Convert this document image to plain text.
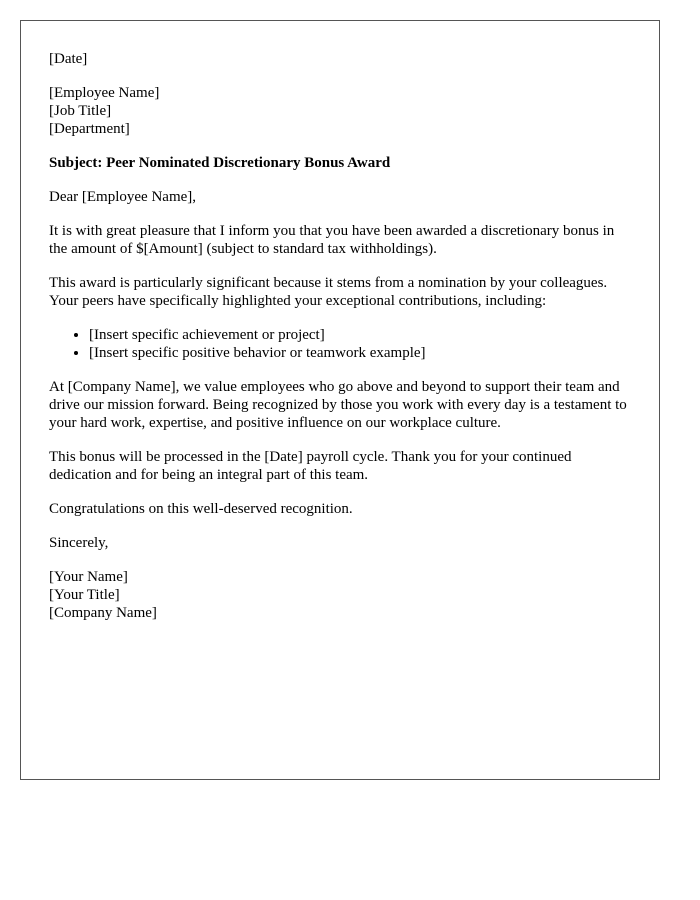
[Date]

[Employee Name]

[Job Title]

[Department]

Subject: Peer Nominated Discretionary Bonus Award

Dear [Employee Name],

It is with great pleasure that I inform you that you have been awarded a discretionary bonus in the amount of $[Amount] (subject to standard tax withholdings).

This award is particularly significant because it stems from a nomination by your colleagues. Your peers have specifically highlighted your exceptional contributions, including:

• [Insert specific achievement or project]
• [Insert specific positive behavior or teamwork example]

At [Company Name], we value employees who go above and beyond to support their team and drive our mission forward. Being recognized by those you work with every day is a testament to your hard work, expertise, and positive influence on our workplace culture.

This bonus will be processed in the [Date] payroll cycle. Thank you for your continued dedication and for being an integral part of this team.

Congratulations on this well-deserved recognition.

Sincerely,

[Your Name]

[Your Title]

[Company Name]
